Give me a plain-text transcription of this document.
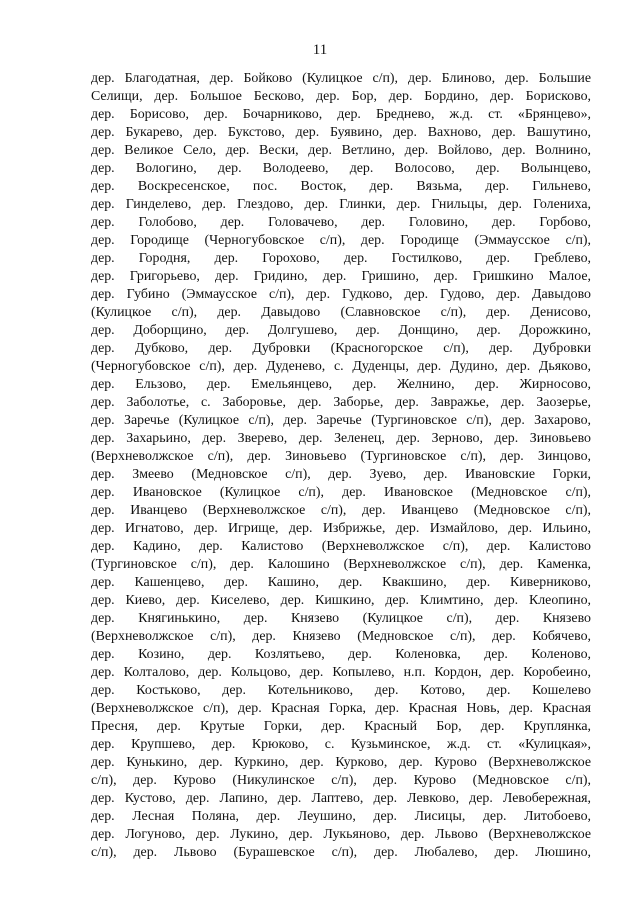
11
дер. Благодатная, дер. Бойково (Кулицкое с/п), дер. Блиново, дер. Большие
Селищи, дер. Большое Бесково, дер. Бор, дер. Бордино, дер. Борисково,
дер. Борисово, дер. Бочарниково, дер. Бреднево, ж.д. ст. «Брянцево»,
дер. Букарево, дер. Букстово, дер. Буявино, дер. Вахново, дер. Вашутино,
дер. Великое Село, дер. Вески, дер. Ветлино, дер. Войлово, дер. Волнино,
дер. Вологино, дер. Володеево, дер. Волосово, дер. Волынцево,
дер. Воскресенское, пос. Восток, дер. Вязьма, дер. Гильнево,
дер. Гинделево, дер. Глездово, дер. Глинки, дер. Гнильцы, дер. Голениха,
дер. Голобово, дер. Головачево, дер. Головино, дер. Горбово,
дер. Городище (Черногубовское с/п), дер. Городище (Эммаусское с/п),
дер. Городня, дер. Горохово, дер. Гостилково, дер. Греблево,
дер. Григорьево, дер. Гридино, дер. Гришино, дер. Гришкино Малое,
дер. Губино (Эммаусское с/п), дер. Гудково, дер. Гудово, дер. Давыдово
(Кулицкое с/п), дер. Давыдово (Славновское с/п), дер. Денисово,
дер. Доборщино, дер. Долгушево, дер. Донщино, дер. Дорожкино,
дер. Дубково, дер. Дубровки (Красногорское с/п), дер. Дубровки
(Черногубовское с/п), дер. Дуденево, с. Дуденцы, дер. Дудино, дер. Дьяково,
дер. Ельзово, дер. Емельянцево, дер. Желнино, дер. Жирносово,
дер. Заболотье, с. Заборовье, дер. Заборье, дер. Завражье, дер. Заозерье,
дер. Заречье (Кулицкое с/п), дер. Заречье (Тургиновское с/п), дер. Захарово,
дер. Захарьино, дер. Зверево, дер. Зеленец, дер. Зерново, дер. Зиновьево
(Верхневолжское с/п), дер. Зиновьево (Тургиновское с/п), дер. Зинцово,
дер. Змеево (Медновское с/п), дер. Зуево, дер. Ивановские Горки,
дер. Ивановское (Кулицкое с/п), дер. Ивановское (Медновское с/п),
дер. Иванцево (Верхневолжское с/п), дер. Иванцево (Медновское с/п),
дер. Игнатово, дер. Игрище, дер. Избрижье, дер. Измайлово, дер. Ильино,
дер. Кадино, дер. Калистово (Верхневолжское с/п), дер. Калистово
(Тургиновское с/п), дер. Калошино (Верхневолжское с/п), дер. Каменка,
дер. Кашенцево, дер. Кашино, дер. Квакшино, дер. Киверниково,
дер. Киево, дер. Киселево, дер. Кишкино, дер. Климтино, дер. Клеопино,
дер. Княгинькино, дер. Князево (Кулицкое с/п), дер. Князево
(Верхневолжское с/п), дер. Князево (Медновское с/п), дер. Кобячево,
дер. Козино, дер. Козлятьево, дер. Коленовка, дер. Коленово,
дер. Колталово, дер. Кольцово, дер. Копылево, н.п. Кордон, дер. Коробеино,
дер. Костьково, дер. Котельниково, дер. Котово, дер. Кошелево
(Верхневолжское с/п), дер. Красная Горка, дер. Красная Новь, дер. Красная
Пресня, дер. Крутые Горки, дер. Красный Бор, дер. Круплянка,
дер. Крупшево, дер. Крюково, с. Кузьминское, ж.д. ст. «Кулицкая»,
дер. Кунькино, дер. Куркино, дер. Курково, дер. Курово (Верхневолжское
с/п), дер. Курово (Никулинское с/п), дер. Курово (Медновское с/п),
дер. Кустово, дер. Лапино, дер. Лаптево, дер. Левково, дер. Левобережная,
дер. Лесная Поляна, дер. Леушино, дер. Лисицы, дер. Литобоево,
дер. Логуново, дер. Лукино, дер. Лукьяново, дер. Львово (Верхневолжское
с/п), дер. Львово (Бурашевское с/п), дер. Любалево, дер. Люшино,
